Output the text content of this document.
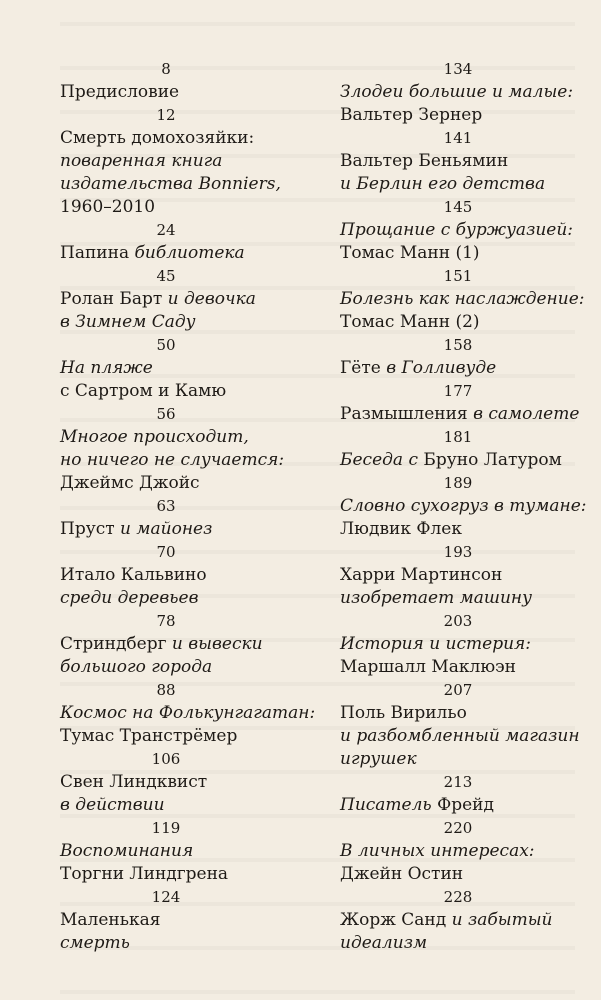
8
Предисловие
12
Смерть домохозяйки:
поваренная книга
издательства Bonniers,
1960–2010
24
Папина библиотека
45
Ролан Барт и девочка
в Зимнем Саду
50
На пляже
с Сартром и Камю
56
Многое происходит,
но ничего не случается:
Джеймс Джойс
63
Пруст и майонез
70
Итало Кальвино
среди деревьев
78
Стриндберг и вывески
большого города
88
Космос на Фолькунгагатан:
Тумас Транстрёмер
106
Свен Линдквист
в действии
119
Воспоминания
Торгни Линдгрена
124
Маленькая
смерть
134
Злодеи большие и малые:
Вальтер Зернер
141
Вальтер Беньямин
и Берлин его детства
145
Прощание с буржуазией:
Томас Манн (1)
151
Болезнь как наслаждение:
Томас Манн (2)
158
Гёте в Голливуде
177
Размышления в самолете
181
Беседа с Бруно Латуром
189
Словно сухогруз в тумане:
Людвик Флек
193
Харри Мартинсон
изобретает машину
203
История и истерия:
Маршалл Маклюэн
207
Поль Вирильо
и разбомбленный магазин
игрушек
213
Писатель Фрейд
220
В личных интересах:
Джейн Остин
228
Жорж Санд и забытый
идеализм
